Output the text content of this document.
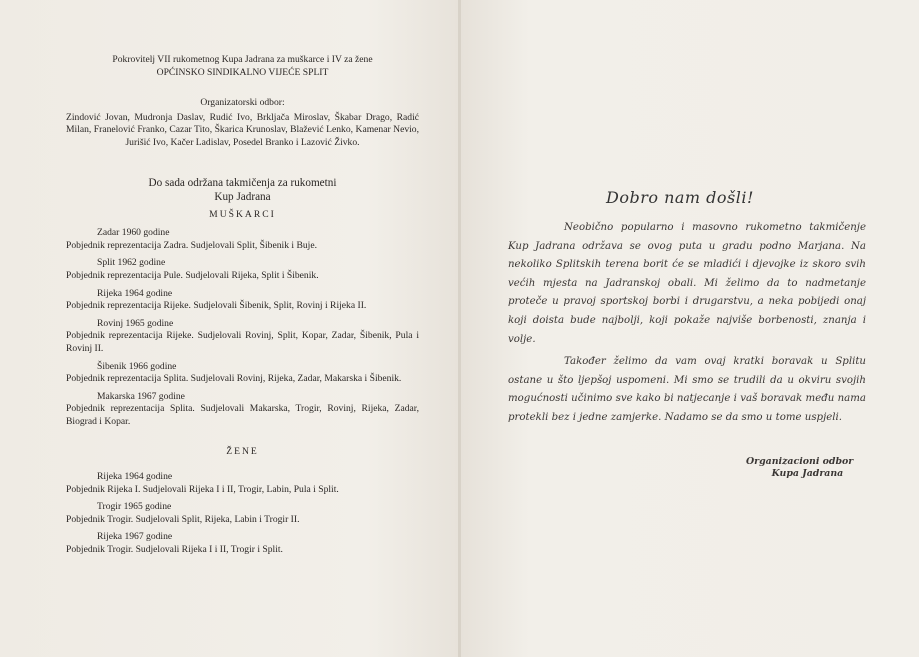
Pokrovitelj VII rukometnog Kupa Jadrana za muškarce i IV za žene
OPĆINSKO SINDIKALNO VIJEĆE SPLIT
Organizatorski odbor:
Zindović Jovan, Mudronja Daslav, Rudić Ivo, Brkljača Miroslav, Škabar Drago, Radić Milan, Franelović Franko, Cazar Tito, Škarica Krunoslav, Blažević Lenko, Kamenar Nevio, Jurišić Ivo, Kačer Ladislav, Posedel Branko i Lazović Živko.
Do sada održana takmičenja za rukometni
Kup Jadrana
MUŠKARCI
Zadar 1960 godine
Pobjednik reprezentacija Zadra. Sudjelovali Split, Šibenik i Buje.
Split 1962 godine
Pobjednik reprezentacija Pule. Sudjelovali Rijeka, Split i Šibenik.
Rijeka 1964 godine
Pobjednik reprezentacija Rijeke. Sudjelovali Šibenik, Split, Rovinj i Rijeka II.
Rovinj 1965 godine
Pobjednik reprezentacija Rijeke. Sudjelovali Rovinj, Split, Kopar, Zadar, Šibenik, Pula i Rovinj II.
Šibenik 1966 godine
Pobjednik reprezentacija Splita. Sudjelovali Rovinj, Rijeka, Zadar, Makarska i Šibenik.
Makarska 1967 godine
Pobjednik reprezentacija Splita. Sudjelovali Makarska, Trogir, Rovinj, Rijeka, Zadar, Biograd i Kopar.
ŽENE
Rijeka 1964 godine
Pobjednik Rijeka I. Sudjelovali Rijeka I i II, Trogir, Labin, Pula i Split.
Trogir 1965 godine
Pobjednik Trogir. Sudjelovali Split, Rijeka, Labin i Trogir II.
Rijeka 1967 godine
Pobjednik Trogir. Sudjelovali Rijeka I i II, Trogir i Split.
Dobro nam došli!

Neobično popularno i masovno rukometno takmičenje Kup Jadrana održava se ovog puta u gradu podno Marjana. Na nekoliko Splitskih terena borit će se mladići i djevojke iz skoro svih većih mjesta na Jadranskoj obali. Mi želimo da to nadmetanje proteče u pravoj sportskoj borbi i drugarstvu, a neka pobijedi onaj koji doista bude najbolji, koji pokaže najviše borbenosti, znanja i volje.

Također želimo da vam ovaj kratki boravak u Splitu ostane u što ljepšoj uspomeni. Mi smo se trudili da u okviru svojih mogućnosti učinimo sve kako bi natjecanje i vaš boravak među nama protekli bez i jedne zamjerke. Nadamo se da smo u tome uspjeli.

Organizacioni odbor
Kupa Jadrana
